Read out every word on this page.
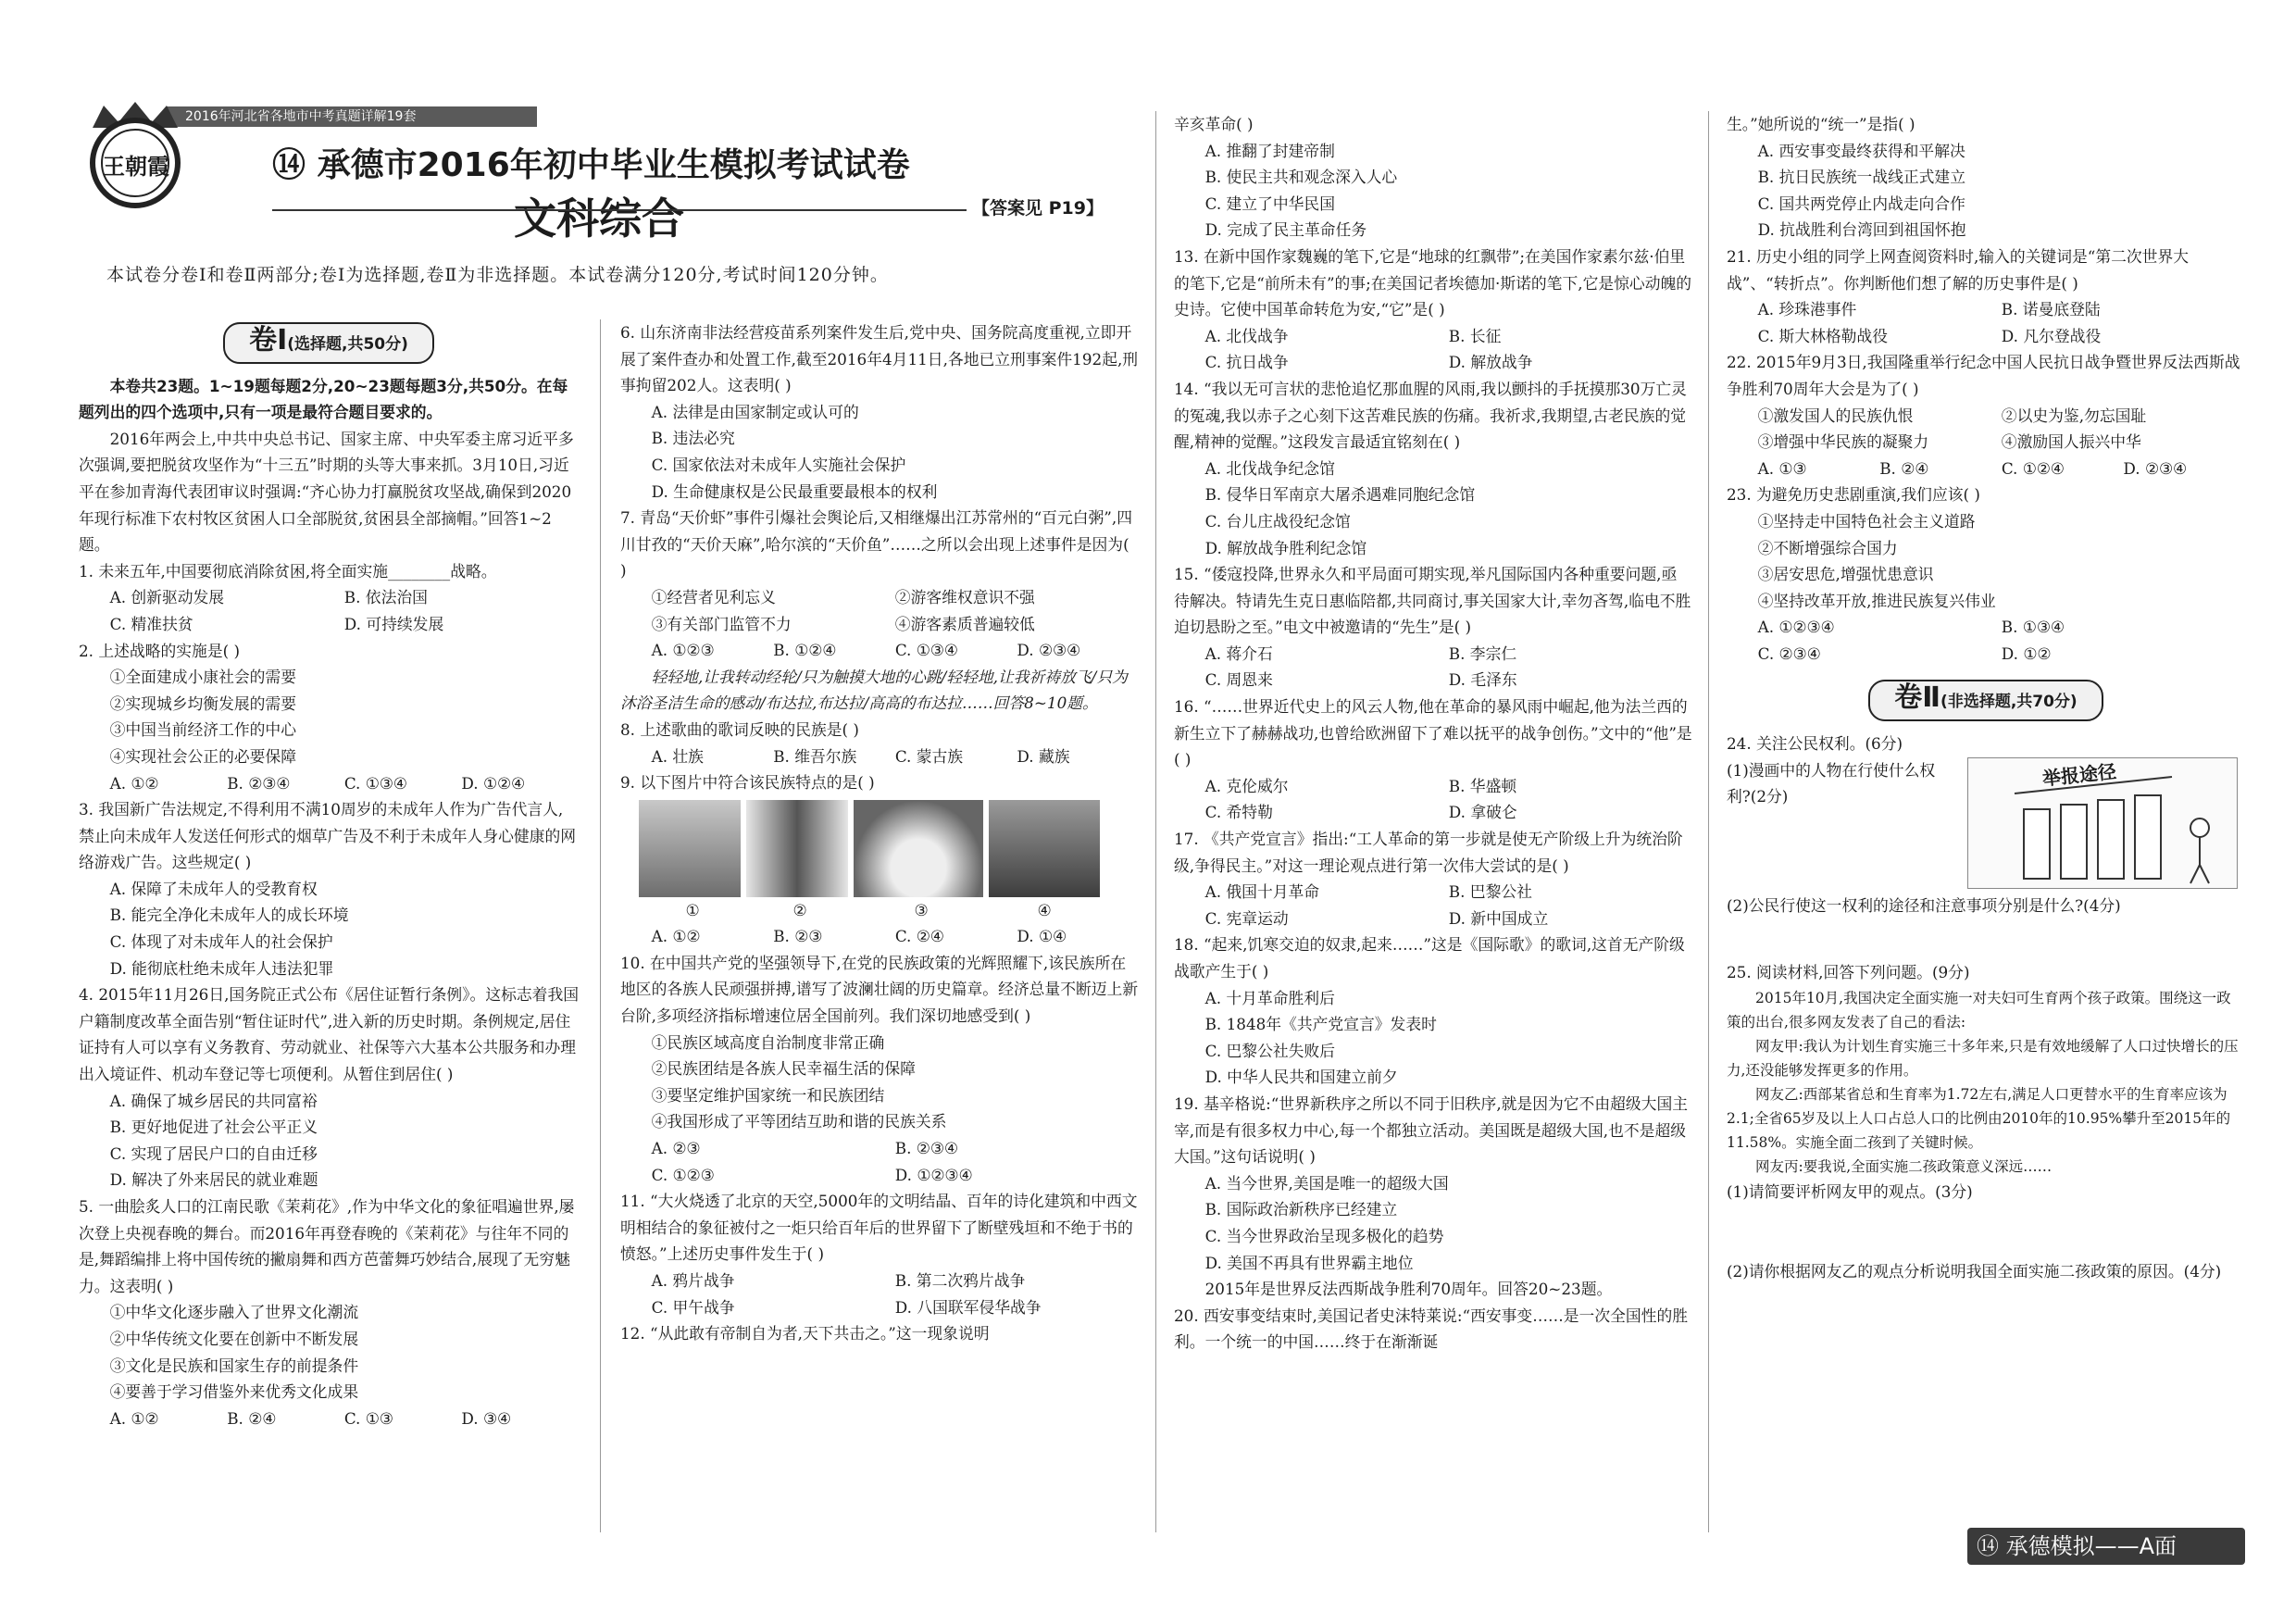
2016年河北省各地市中考真题详解19套
王朝霞	⑭ 承德市2016年初中毕业生模拟考试试卷
文科综合	【答案见 P19】
本试卷分卷Ⅰ和卷Ⅱ两部分;卷Ⅰ为选择题,卷Ⅱ为非选择题。本试卷满分120分,考试时间120分钟。
卷Ⅰ(选择题,共50分)

本卷共23题。1~19题每题2分,20~23题每题3分,共50分。在每题列出的四个选项中,只有一项是最符合题目要求的。

2016年两会上,中共中央总书记、国家主席、中央军委主席习近平多次强调,要把脱贫攻坚作为“十三五”时期的头等大事来抓。3月10日,习近平在参加青海代表团审议时强调:“齐心协力打赢脱贫攻坚战,确保到2020年现行标准下农村牧区贫困人口全部脱贫,贫困县全部摘帽。”回答1~2题。

1. 未来五年,中国要彻底消除贫困,将全面实施________战略。

A. 创新驱动发展	B. 依法治国
C. 精准扶贫	D. 可持续发展

2. 上述战略的实施是( )

①全面建成小康社会的需要

②实现城乡均衡发展的需要

③中国当前经济工作的中心

④实现社会公正的必要保障

A. ①②	B. ②③④	C. ①③④	D. ①②④

3. 我国新广告法规定,不得利用不满10周岁的未成年人作为广告代言人,禁止向未成年人发送任何形式的烟草广告及不利于未成年人身心健康的网络游戏广告。这些规定( )

A. 保障了未成年人的受教育权

B. 能完全净化未成年人的成长环境

C. 体现了对未成年人的社会保护

D. 能彻底杜绝未成年人违法犯罪

4. 2015年11月26日,国务院正式公布《居住证暂行条例》。这标志着我国户籍制度改革全面告别“暂住证时代”,进入新的历史时期。条例规定,居住证持有人可以享有义务教育、劳动就业、社保等六大基本公共服务和办理出入境证件、机动车登记等七项便利。从暂住到居住( )

A. 确保了城乡居民的共同富裕

B. 更好地促进了社会公平正义

C. 实现了居民户口的自由迁移

D. 解决了外来居民的就业难题

5. 一曲脍炙人口的江南民歌《茉莉花》,作为中华文化的象征唱遍世界,屡次登上央视春晚的舞台。而2016年再登春晚的《茉莉花》与往年不同的是,舞蹈编排上将中国传统的撇扇舞和西方芭蕾舞巧妙结合,展现了无穷魅力。这表明( )

①中华文化逐步融入了世界文化潮流

②中华传统文化要在创新中不断发展

③文化是民族和国家生存的前提条件

④要善于学习借鉴外来优秀文化成果

A. ①②	B. ②④	C. ①③	D. ③④

6. 山东济南非法经营疫苗系列案件发生后,党中央、国务院高度重视,立即开展了案件查办和处置工作,截至2016年4月11日,各地已立刑事案件192起,刑事拘留202人。这表明( )

A. 法律是由国家制定或认可的

B. 违法必究

C. 国家依法对未成年人实施社会保护

D. 生命健康权是公民最重要最根本的权利

7. 青岛“天价虾”事件引爆社会舆论后,又相继爆出江苏常州的“百元白粥”,四川甘孜的“天价天麻”,哈尔滨的“天价鱼”……之所以会出现上述事件是因为( )

①经营者见利忘义	②游客维权意识不强
③有关部门监管不力	④游客素质普遍较低
A. ①②③	B. ①②④	C. ①③④	D. ②③④

轻轻地,让我转动经轮/只为触摸大地的心跳/轻轻地,让我祈祷放飞/只为沐浴圣洁生命的感动/布达拉,布达拉/高高的布达拉……回答8~10题。

8. 上述歌曲的歌词反映的民族是( )

A. 壮族	B. 维吾尔族	C. 蒙古族	D. 藏族

9. 以下图片中符合该民族特点的是( )

①	②	③	④
A. ①②	B. ②③	C. ②④	D. ①④

10. 在中国共产党的坚强领导下,在党的民族政策的光辉照耀下,该民族所在地区的各族人民顽强拼搏,谱写了波澜壮阔的历史篇章。经济总量不断迈上新台阶,多项经济指标增速位居全国前列。我们深切地感受到( )

①民族区域高度自治制度非常正确

②民族团结是各族人民幸福生活的保障

③要坚定维护国家统一和民族团结

④我国形成了平等团结互助和谐的民族关系

A. ②③	B. ②③④
C. ①②③	D. ①②③④

11. “大火烧透了北京的天空,5000年的文明结晶、百年的诗化建筑和中西文明相结合的象征被付之一炬只给百年后的世界留下了断壁残垣和不绝于书的愤怒。”上述历史事件发生于( )

A. 鸦片战争	B. 第二次鸦片战争
C. 甲午战争	D. 八国联军侵华战争

12. “从此敢有帝制自为者,天下共击之。”这一现象说明

辛亥革命( )

A. 推翻了封建帝制

B. 使民主共和观念深入人心

C. 建立了中华民国

D. 完成了民主革命任务

13. 在新中国作家魏巍的笔下,它是“地球的红飘带”;在美国作家素尔兹·伯里的笔下,它是“前所未有”的事;在美国记者埃德加·斯诺的笔下,它是惊心动魄的史诗。它使中国革命转危为安,“它”是( )

A. 北伐战争	B. 长征
C. 抗日战争	D. 解放战争

14. “我以无可言状的悲怆追忆那血腥的风雨,我以颤抖的手抚摸那30万亡灵的冤魂,我以赤子之心刻下这苦难民族的伤痛。我祈求,我期望,古老民族的觉醒,精神的觉醒。”这段发言最适宜铭刻在( )

A. 北伐战争纪念馆

B. 侵华日军南京大屠杀遇难同胞纪念馆

C. 台儿庄战役纪念馆

D. 解放战争胜利纪念馆

15. “倭寇投降,世界永久和平局面可期实现,举凡国际国内各种重要问题,亟待解决。特请先生克日惠临陪都,共同商讨,事关国家大计,幸勿吝驾,临电不胜迫切悬盼之至。”电文中被邀请的“先生”是( )

A. 蒋介石	B. 李宗仁
C. 周恩来	D. 毛泽东

16. “……世界近代史上的风云人物,他在革命的暴风雨中崛起,他为法兰西的新生立下了赫赫战功,也曾给欧洲留下了难以抚平的战争创伤。”文中的“他”是( )

A. 克伦威尔	B. 华盛顿
C. 希特勒	D. 拿破仑

17. 《共产党宣言》指出:“工人革命的第一步就是使无产阶级上升为统治阶级,争得民主。”对这一理论观点进行第一次伟大尝试的是( )

A. 俄国十月革命	B. 巴黎公社
C. 宪章运动	D. 新中国成立

18. “起来,饥寒交迫的奴隶,起来……”这是《国际歌》的歌词,这首无产阶级战歌产生于( )

A. 十月革命胜利后

B. 1848年《共产党宣言》发表时

C. 巴黎公社失败后

D. 中华人民共和国建立前夕

19. 基辛格说:“世界新秩序之所以不同于旧秩序,就是因为它不由超级大国主宰,而是有很多权力中心,每一个都独立活动。美国既是超级大国,也不是超级大国。”这句话说明( )

A. 当今世界,美国是唯一的超级大国

B. 国际政治新秩序已经建立

C. 当今世界政治呈现多极化的趋势

D. 美国不再具有世界霸主地位

2015年是世界反法西斯战争胜利70周年。回答20~23题。

20. 西安事变结束时,美国记者史沫特莱说:“西安事变……是一次全国性的胜利。一个统一的中国……终于在渐渐诞

生。”她所说的“统一”是指( )

A. 西安事变最终获得和平解决

B. 抗日民族统一战线正式建立

C. 国共两党停止内战走向合作

D. 抗战胜利台湾回到祖国怀抱

21. 历史小组的同学上网查阅资料时,输入的关键词是“第二次世界大战”、“转折点”。你判断他们想了解的历史事件是( )

A. 珍珠港事件	B. 诺曼底登陆
C. 斯大林格勒战役	D. 凡尔登战役

22. 2015年9月3日,我国隆重举行纪念中国人民抗日战争暨世界反法西斯战争胜利70周年大会是为了( )

①激发国人的民族仇恨	②以史为鉴,勿忘国耻
③增强中华民族的凝聚力	④激励国人振兴中华
A. ①③	B. ②④	C. ①②④	D. ②③④

23. 为避免历史悲剧重演,我们应该( )

①坚持走中国特色社会主义道路

②不断增强综合国力

③居安思危,增强忧患意识

④坚持改革开放,推进民族复兴伟业

A. ①②③④	B. ①③④
C. ②③④	D. ①②
卷Ⅱ(非选择题,共70分)

24. 关注公民权利。(6分)

(1)漫画中的人物在行使什么权利?(2分)

举报途径

(2)公民行使这一权利的途径和注意事项分别是什么?(4分)

25. 阅读材料,回答下列问题。(9分)

2015年10月,我国决定全面实施一对夫妇可生育两个孩子政策。围绕这一政策的出台,很多网友发表了自己的看法:

网友甲:我认为计划生育实施三十多年来,只是有效地缓解了人口过快增长的压力,还没能够发挥更多的作用。

网友乙:西部某省总和生育率为1.72左右,满足人口更替水平的生育率应该为2.1;全省65岁及以上人口占总人口的比例由2010年的10.95%攀升至2015年的11.58%。实施全面二孩到了关键时候。

网友丙:要我说,全面实施二孩政策意义深远……

(1)请简要评析网友甲的观点。(3分)

(2)请你根据网友乙的观点分析说明我国全面实施二孩政策的原因。(4分)

⑭ 承德模拟——A面
